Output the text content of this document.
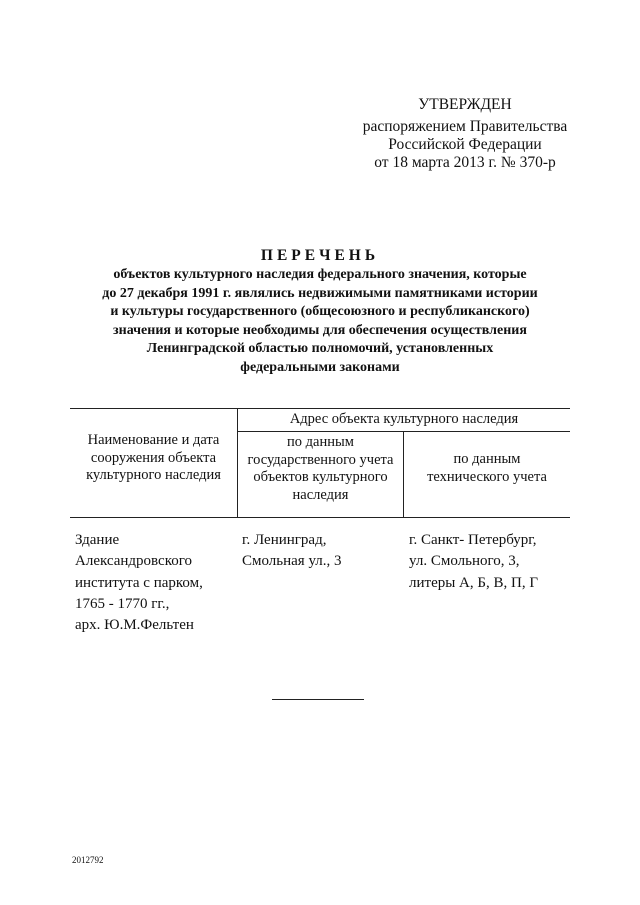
УТВЕРЖДЕН
распоряжением Правительства
Российской Федерации
от 18 марта 2013 г. № 370-р
ПЕРЕЧЕНЬ
объектов культурного наследия федерального значения, которые
до 27 декабря 1991 г. являлись недвижимыми памятниками истории
и культуры государственного (общесоюзного и республиканского)
значения и которые необходимы для обеспечения осуществления
Ленинградской областью полномочий, установленных
федеральными законами
Наименование и дата
сооружения объекта
культурного наследия
Адрес объекта культурного наследия
по данным
государственного учета
объектов культурного
наследия
по данным
технического учета
Здание
Александровского
института с парком,
1765 - 1770 гг.,
арх. Ю.М.Фельтен
г. Ленинград,
Смольная ул., 3
г. Санкт- Петербург,
ул. Смольного, 3,
литеры А, Б, В, П, Г
2012792
